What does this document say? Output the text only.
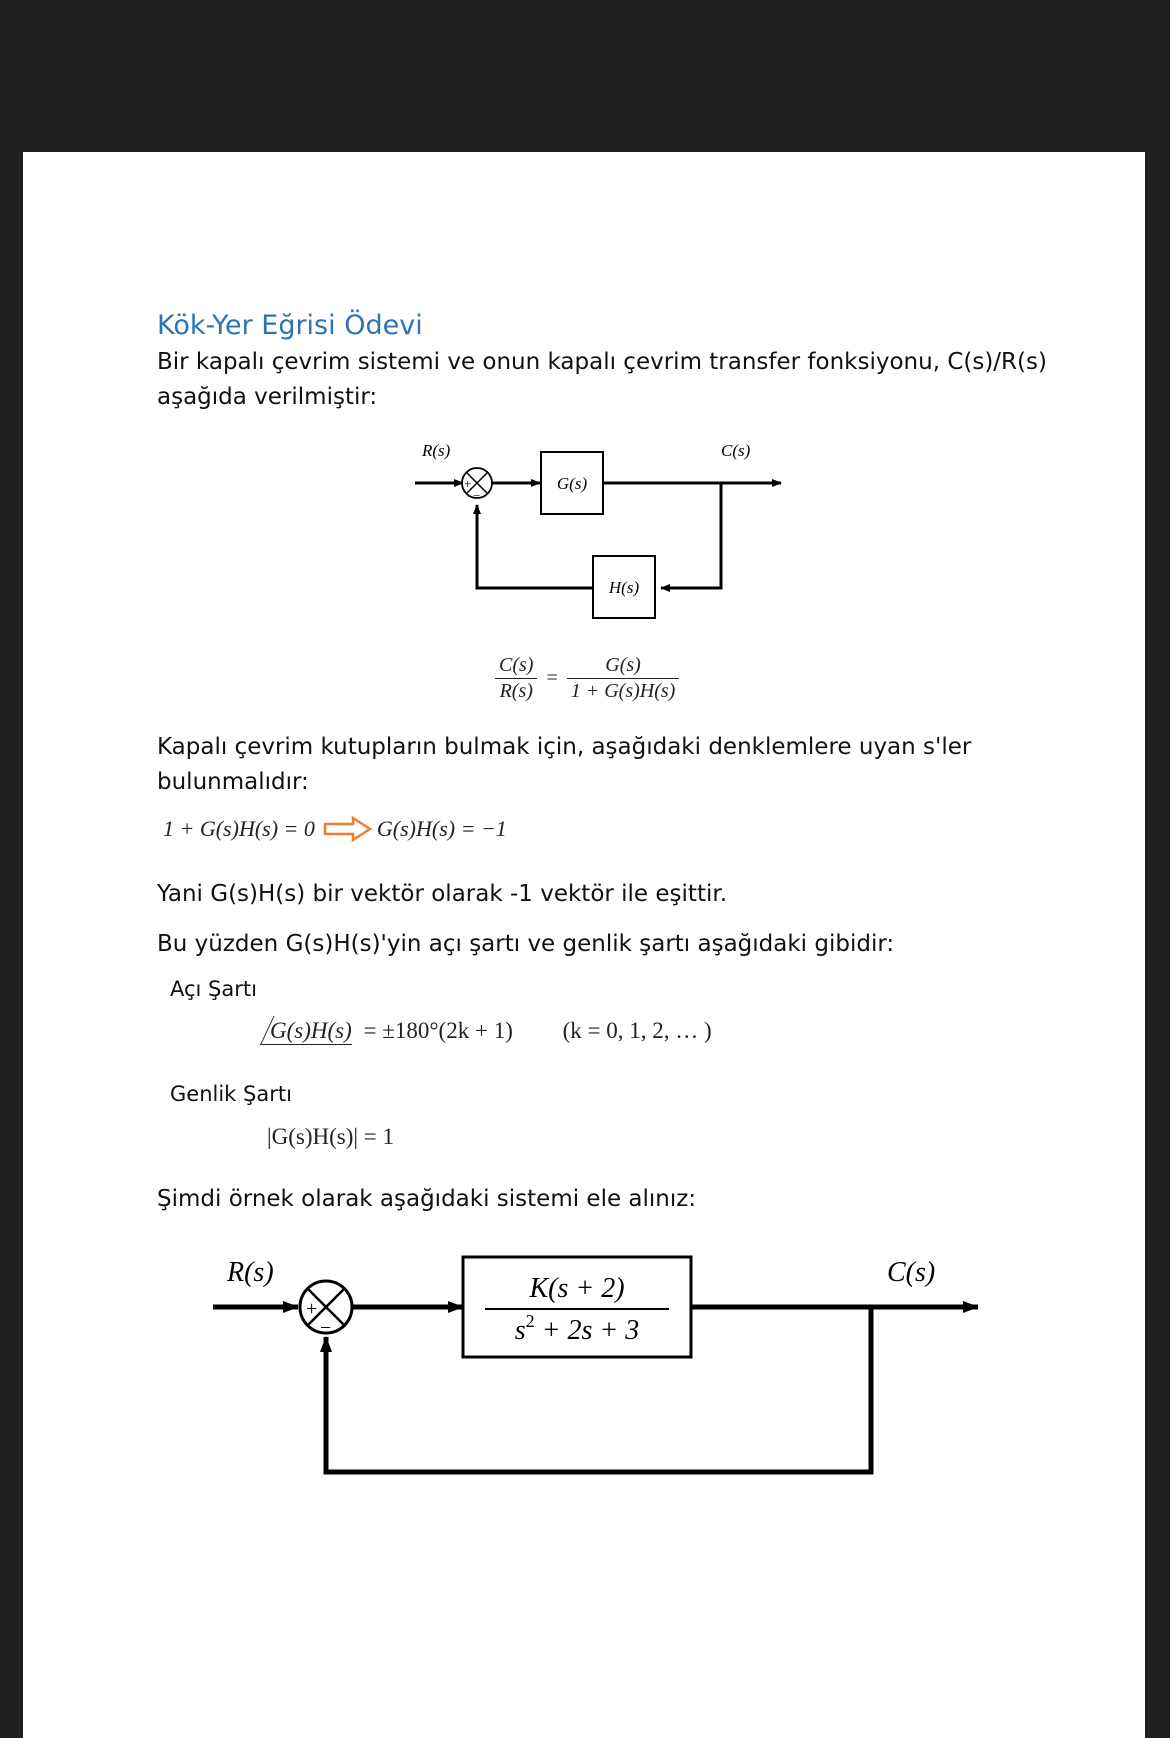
Kök-Yer Eğrisi Ödevi
Bir kapalı çevrim sistemi ve onun kapalı çevrim transfer fonksiyonu, C(s)/R(s)
aşağıda verilmiştir:
R(s)
+
−
G(s)
C(s)
H(s)
$\frac{C(s)}{R(s)} = \frac{G(s)}{1 + G(s)H(s)}$
Kapalı çevrim kutupların bulmak için, aşağıdaki denklemlere uyan s'ler
bulunmalıdır:
1 + G(s)H(s) = 0	G(s)H(s) = −1
Yani G(s)H(s) bir vektör olarak -1 vektör ile eşittir.
Bu yüzden G(s)H(s)'yin açı şartı ve genlik şartı aşağıdaki gibidir:
Açı Şartı
G(s)H(s) = ±180°(2k + 1) (k = 0, 1, 2, … )
Genlik Şartı
|G(s)H(s)| = 1
Şimdi örnek olarak aşağıdaki sistemi ele alınız:
R(s)
+
−
K(s + 2)
$s^2 + 2s + 3$
C(s)
